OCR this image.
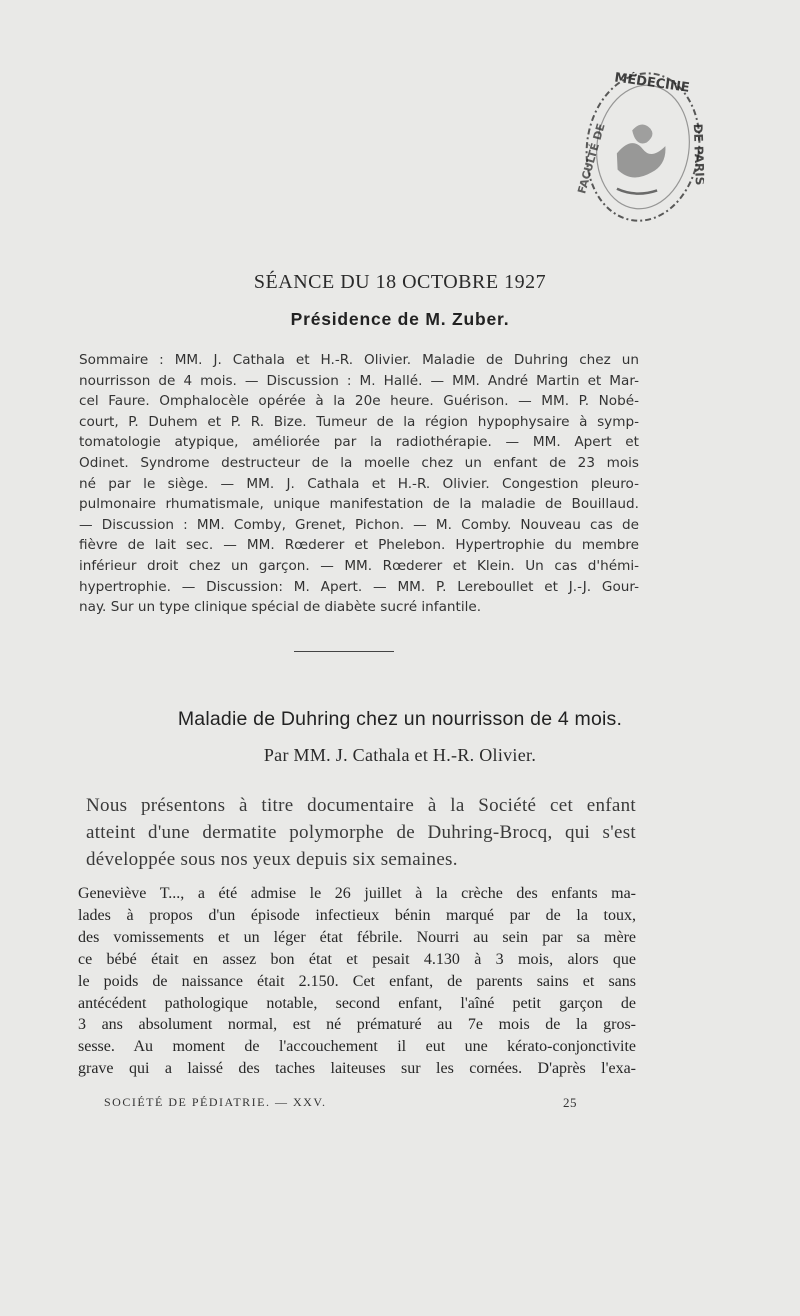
MÉDECINE
DE PARIS
FACULTÉ DE
SÉANCE DU 18 OCTOBRE 1927
Présidence de M. Zuber.
Sommaire : MM. J. Cathala et H.-R. Olivier. Maladie de Duhring chez un
nourrisson de 4 mois. — Discussion : M. Hallé. — MM. André Martin et Mar-
cel Faure. Omphalocèle opérée à la 20e heure. Guérison. — MM. P. Nobé-
court, P. Duhem et P. R. Bize. Tumeur de la région hypophysaire à symp-
tomatologie atypique, améliorée par la radiothérapie. — MM. Apert et
Odinet. Syndrome destructeur de la moelle chez un enfant de 23 mois
né par le siège. — MM. J. Cathala et H.-R. Olivier. Congestion pleuro-
pulmonaire rhumatismale, unique manifestation de la maladie de Bouillaud.
— Discussion : MM. Comby, Grenet, Pichon. — M. Comby. Nouveau cas de
fièvre de lait sec. — MM. Rœderer et Phelebon. Hypertrophie du membre
inférieur droit chez un garçon. — MM. Rœderer et Klein. Un cas d'hémi-
hypertrophie. — Discussion: M. Apert. — MM. P. Lereboullet et J.-J. Gour-
nay. Sur un type clinique spécial de diabète sucré infantile.
Maladie de Duhring chez un nourrisson de 4 mois.
Par MM. J. Cathala et H.-R. Olivier.
Nous présentons à titre documentaire à la Société cet enfant
atteint d'une dermatite polymorphe de Duhring-Brocq, qui s'est
développée sous nos yeux depuis six semaines.
Geneviève T..., a été admise le 26 juillet à la crèche des enfants ma-
lades à propos d'un épisode infectieux bénin marqué par de la toux,
des vomissements et un léger état fébrile. Nourri au sein par sa mère
ce bébé était en assez bon état et pesait 4.130 à 3 mois, alors que
le poids de naissance était 2.150. Cet enfant, de parents sains et sans
antécédent pathologique notable, second enfant, l'aîné petit garçon de
3 ans absolument normal, est né prématuré au 7e mois de la gros-
sesse. Au moment de l'accouchement il eut une kérato-conjonctivite
grave qui a laissé des taches laiteuses sur les cornées. D'après l'exa-
SOCIÉTÉ DE PÉDIATRIE. — XXV.	25
